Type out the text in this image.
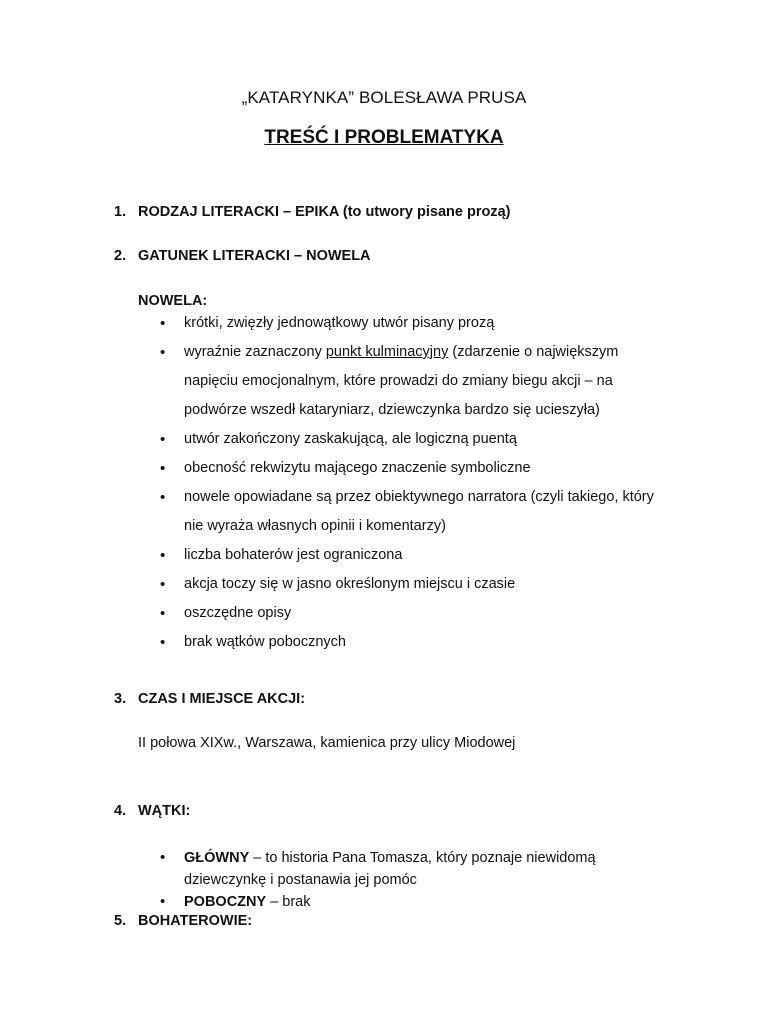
„KATARYNKA” BOLESŁAWA PRUSA
TREŚĆ I PROBLEMATYKA
1. RODZAJ LITERACKI – EPIKA (to utwory pisane prozą)
2. GATUNEK LITERACKI – NOWELA
NOWELA:
• krótki, zwięzły jednowątkowy utwór pisany prozą
• wyraźnie zaznaczony punkt kulminacyjny (zdarzenie o największym napięciu emocjonalnym, które prowadzi do zmiany biegu akcji – na podwórze wszedł kataryniarz, dziewczynka bardzo się ucieszyła)
• utwór zakończony zaskakującą, ale logiczną puentą
• obecność rekwizytu mającego znaczenie symboliczne
• nowele opowiadane są przez obiektywnego narratora (czyli takiego, który nie wyraża własnych opinii i komentarzy)
• liczba bohaterów jest ograniczona
• akcja toczy się w jasno określonym miejscu i czasie
• oszczędne opisy
• brak wątków pobocznych
3. CZAS I MIEJSCE AKCJI:
II połowa XIXw., Warszawa, kamienica przy ulicy Miodowej
4. WĄTKI:
• GŁÓWNY – to historia Pana Tomasza, który poznaje niewidomą dziewczynkę i postanawia jej pomóc
• POBOCZNY – brak
5. BOHATEROWIE:
